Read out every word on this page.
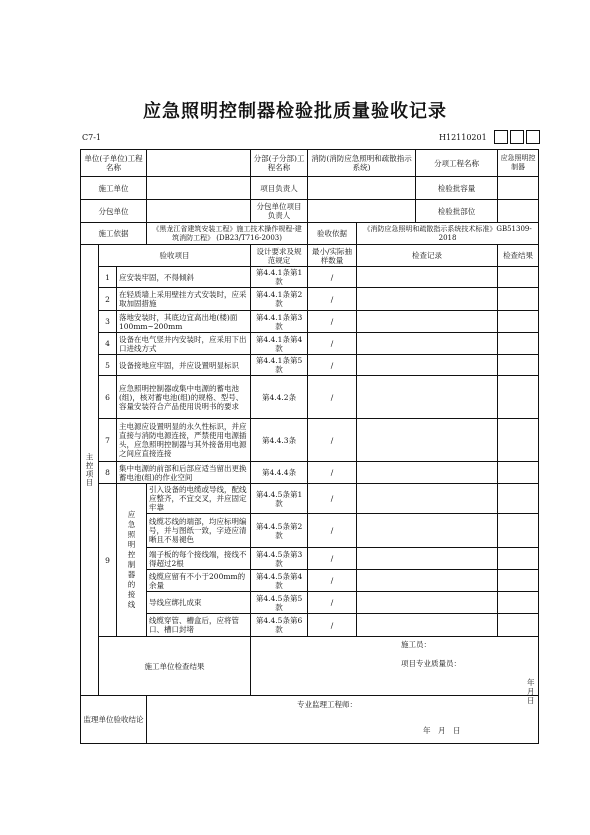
应急照明控制器检验批质量验收记录
C7-1	H12110201
单位(子单位)工程名称				分部(子分部)工程名称	消防(消防应急照明和疏散指示系统)		分项工程名称	应急照明控制器
施工单位				项目负责人			检验批容量	
分包单位				分包单位项目负责人			检验批部位	
施工依据			《黑龙江省建筑安装工程》施工技术操作规程-建筑消防工程》 (DB23/T716-2003)		验收依据	《消防应急照明和疏散指示系统技术标准》GB51309-2018		

主控项目	验收项目			设计要求及规范规定	最小/实际抽样数量	检查记录		检查结果
	1	应安装牢固，不得倾斜		第4.4.1条第1款	/			
	2	在轻质墙上采用壁挂方式安装时，应采取加固措施		第4.4.1条第2款	/			
	3	落地安装时，其底边宜高出地(楼)面100mm~200mm		第4.4.1条第3款	/			
	4	设备在电气竖井内安装时，应采用下出口进线方式		第4.4.1条第4款	/			
	5	设备接地应牢固，并应设置明显标识		第4.4.1条第5款	/			
	6	应急照明控制器或集中电源的蓄电池(组)，核对蓄电池(组)的规格、型号、容量安装符合产品使用说明书的要求		第4.4.2条	/			
	7	主电源应设置明显的永久性标识，并应直接与消防电源连接，严禁使用电源插头，应急照明控制器与其外接备用电源之间应直接连接		第4.4.3条	/			
	8	集中电源的前部和后部应适当留出更换蓄电池(组)的作业空间		第4.4.4条	/			
	9	应急照明控制器的接线	引入设备的电缆或导线，配线应整齐，不宜交叉，并应固定牢靠	第4.4.5条第1款	/			
			线缆芯线的端部，均应标明编号，并与图纸一致，字迹应清晰且不易褪色	第4.4.5条第2款	/			
			端子板的每个接线端，接线不得超过2根	第4.4.5条第3款	/			
			线缆应留有不小于200mm的余量	第4.4.5条第4款	/			
			导线应绑扎成束	第4.4.5条第5款	/			
			线缆穿管、槽盒后，应将管口、槽口封堵	第4.4.5条第6款	/			
	施工单位检查结果			施工员：
项目专业质量员：
年　月　日				

监理单位验收结论			专业监理工程师：
年　月　日					
